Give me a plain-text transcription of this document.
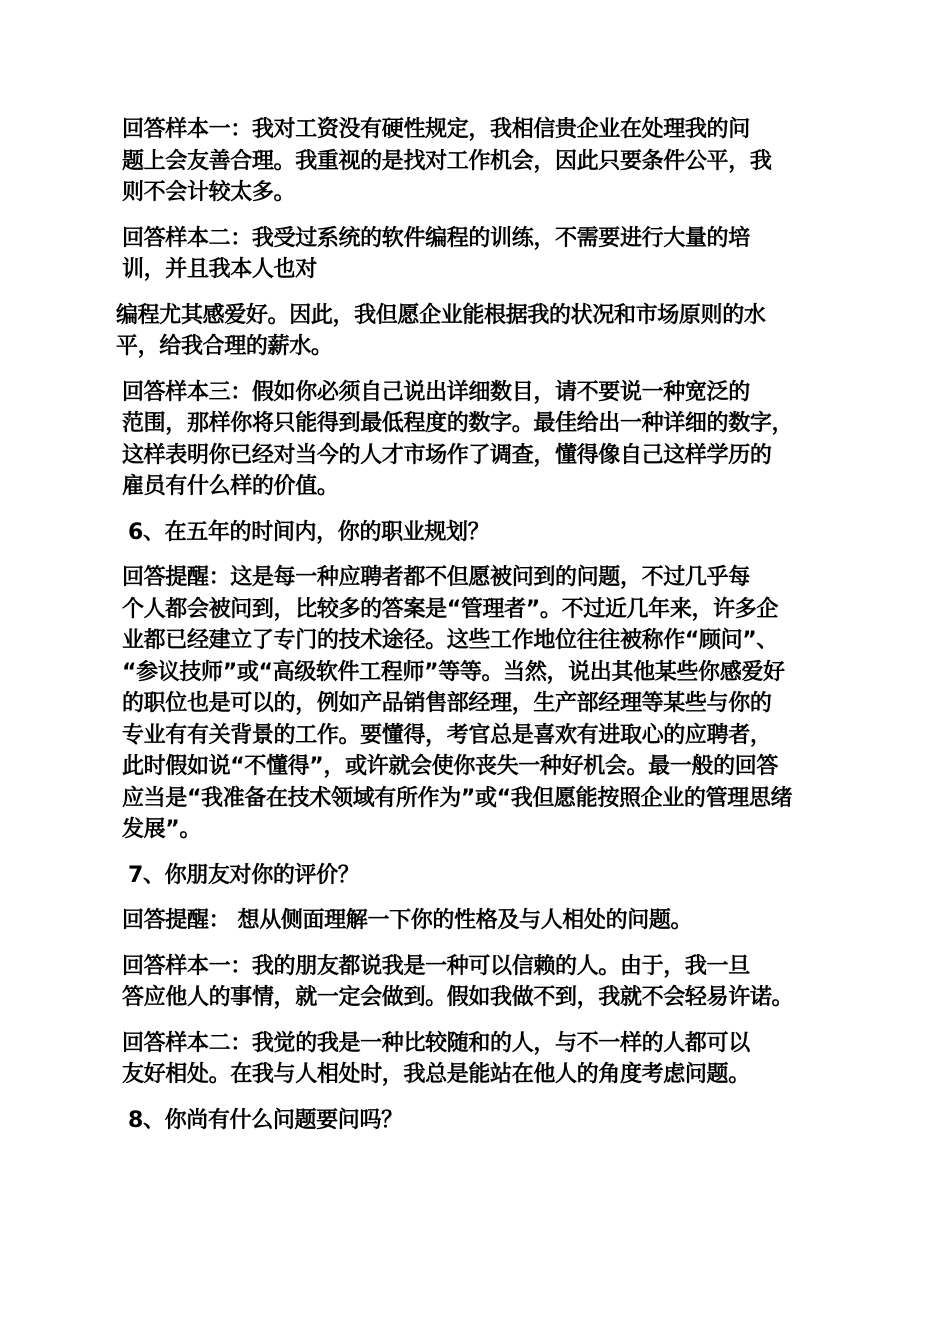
回答样本一：我对工资没有硬性规定，我相信贵企业在处理我的问
题上会友善合理。我重视的是找对工作机会，因此只要条件公平，我
则不会计较太多。

回答样本二：我受过系统的软件编程的训练，不需要进行大量的培
训，并且我本人也对

编程尤其感爱好。因此，我但愿企业能根据我的状况和市场原则的水
平，给我合理的薪水。

回答样本三：假如你必须自己说出详细数目，请不要说一种宽泛的
范围，那样你将只能得到最低程度的数字。最佳给出一种详细的数字，
这样表明你已经对当今的人才市场作了调查，懂得像自己这样学历的
雇员有什么样的价值。

6、在五年的时间内，你的职业规划？

回答提醒：这是每一种应聘者都不但愿被问到的问题，不过几乎每
个人都会被问到，比较多的答案是“管理者”。不过近几年来，许多企
业都已经建立了专门的技术途径。这些工作地位往往被称作“顾问”、
“参议技师”或“高级软件工程师”等等。当然，说出其他某些你感爱好
的职位也是可以的，例如产品销售部经理，生产部经理等某些与你的
专业有有关背景的工作。要懂得，考官总是喜欢有进取心的应聘者，
此时假如说“不懂得”，或许就会使你丧失一种好机会。最一般的回答
应当是“我准备在技术领域有所作为”或“我但愿能按照企业的管理思绪
发展”。

7、你朋友对你的评价？

回答提醒： 想从侧面理解一下你的性格及与人相处的问题。

回答样本一：我的朋友都说我是一种可以信赖的人。由于，我一旦
答应他人的事情，就一定会做到。假如我做不到，我就不会轻易许诺。

回答样本二：我觉的我是一种比较随和的人，与不一样的人都可以
友好相处。在我与人相处时，我总是能站在他人的角度考虑问题。

8、你尚有什么问题要问吗？
